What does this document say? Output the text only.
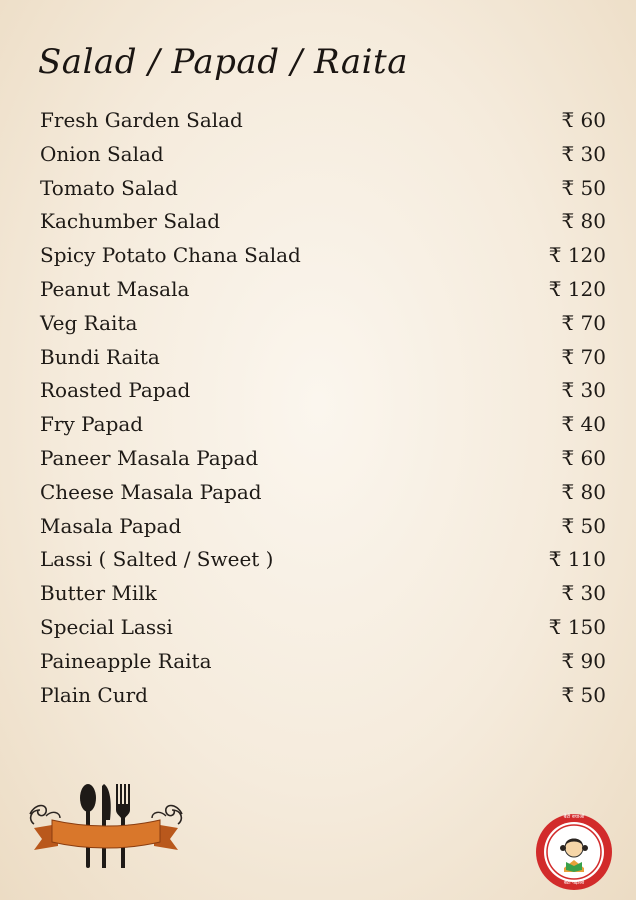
Salad / Papad / Raita
Fresh Garden Salad	₹ 60
Onion Salad	₹ 30
Tomato Salad	₹ 50
Kachumber Salad	₹ 80
Spicy Potato Chana Salad	₹ 120
Peanut Masala	₹ 120
Veg Raita	₹ 70
Bundi Raita	₹ 70
Roasted Papad	₹ 30
Fry Papad	₹ 40
Paneer Masala Papad	₹ 60
Cheese Masala Papad	₹ 80
Masala Papad	₹ 50
Lassi ( Salted / Sweet )	₹ 110
Butter Milk	₹ 30
Special Lassi	₹ 150
Paineapple Raita	₹ 90
Plain Curd	₹ 50
बेटी बचाओ
बेटी पढ़ाओ
